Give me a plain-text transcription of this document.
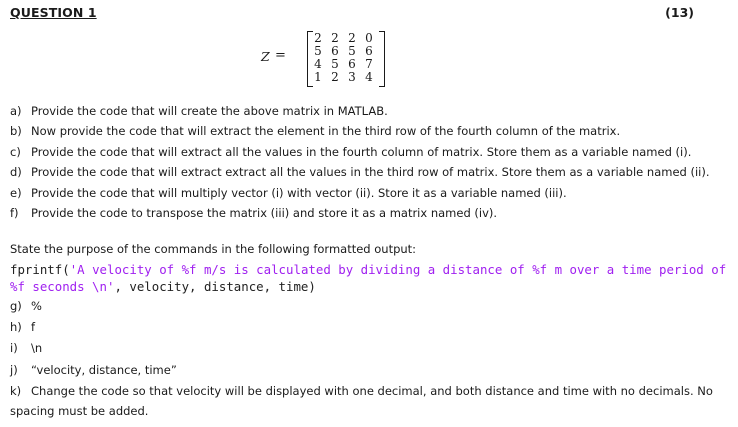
QUESTION 1	(13)
Z =
2 2 2 0
5 6 5 6
4 5 6 7
1 2 3 4
a) Provide the code that will create the above matrix in MATLAB.
b) Now provide the code that will extract the element in the third row of the fourth column of the matrix.
c) Provide the code that will extract all the values in the fourth column of matrix. Store them as a variable named (i).
d) Provide the code that will extract extract all the values in the third row of matrix. Store them as a variable named (ii).
e) Provide the code that will multiply vector (i) with vector (ii). Store it as a variable named (iii).
f) Provide the code to transpose the matrix (iii) and store it as a matrix named (iv).
State the purpose of the commands in the following formatted output:
fprintf('A velocity of %f m/s is calculated by dividing a distance of %f m over a time period of %f seconds \n', velocity, distance, time)
g) %
h) f
i) \n
j) “velocity, distance, time”
k) Change the code so that velocity will be displayed with one decimal, and both distance and time with no decimals. No spacing must be added.
